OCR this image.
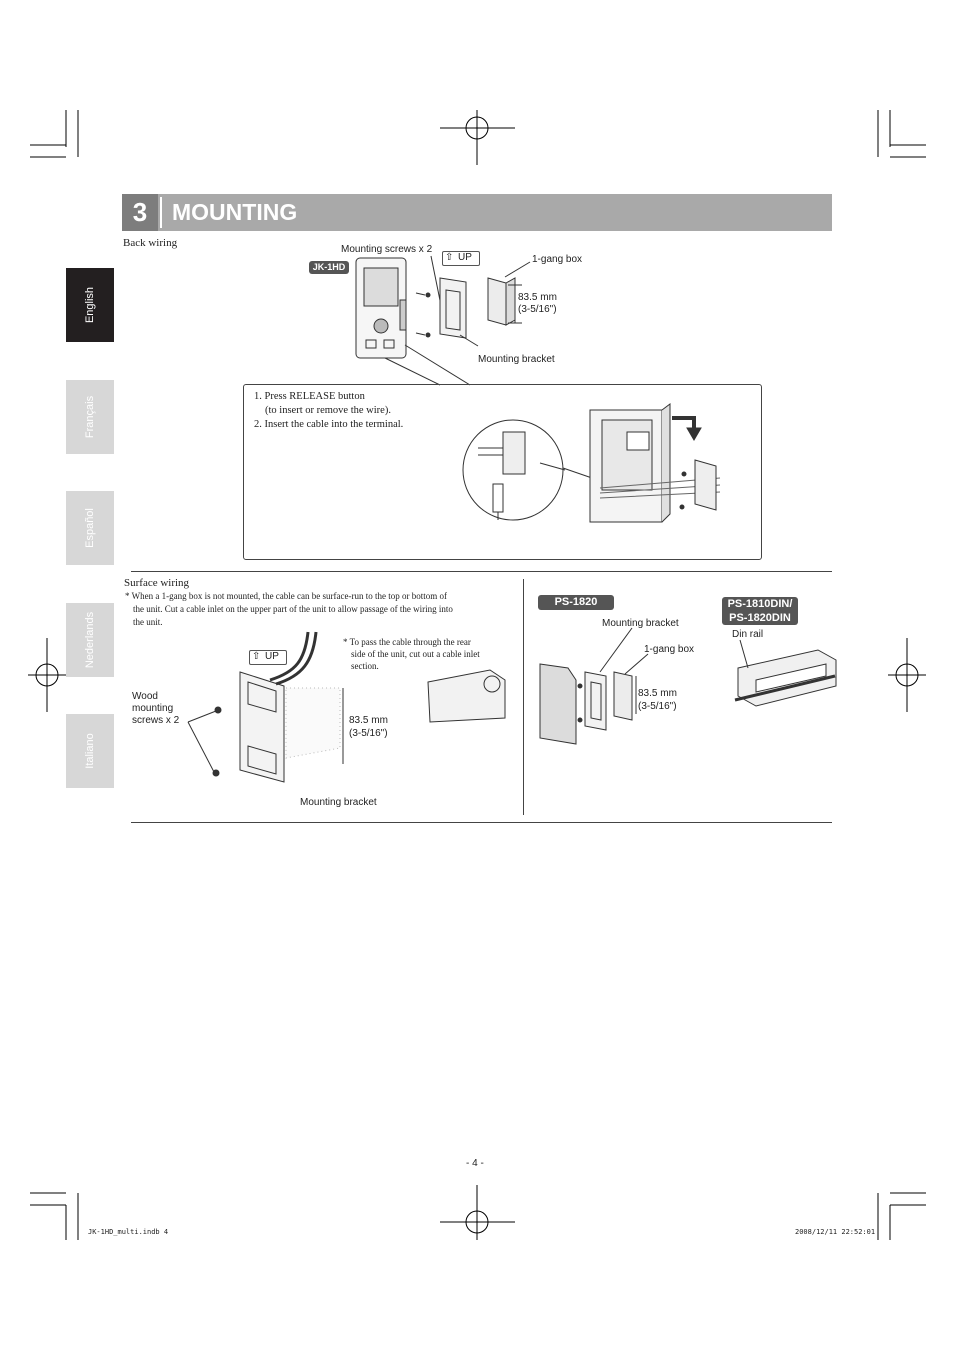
3	MOUNTING
English
Français
Español
Nederlands
Italiano
Back wiring
JK-1HD
Mounting screws x 2
⇧ UP	1-gang box
83.5 mm
(3-5/16")
Mounting bracket
1. Press RELEASE button
(to insert or remove the wire).
2. Insert the cable into the terminal.
Surface wiring
* When a 1-gang box is not mounted, the cable can be surface-run to the top or bottom of
the unit. Cut a cable inlet on the upper part of the unit to allow passage of the wiring into
the unit.
⇧ UP
Wood
mounting
screws x 2	83.5 mm
(3-5/16")
Mounting bracket
* To pass the cable through the rear
side of the unit, cut out a cable inlet
section.
PS-1820
Mounting bracket
1-gang box
83.5 mm
(3-5/16")
PS-1810DIN/
PS-1820DIN
Din rail
- 4 -
JK-1HD_multi.indb 4	2008/12/11 22:52:01
